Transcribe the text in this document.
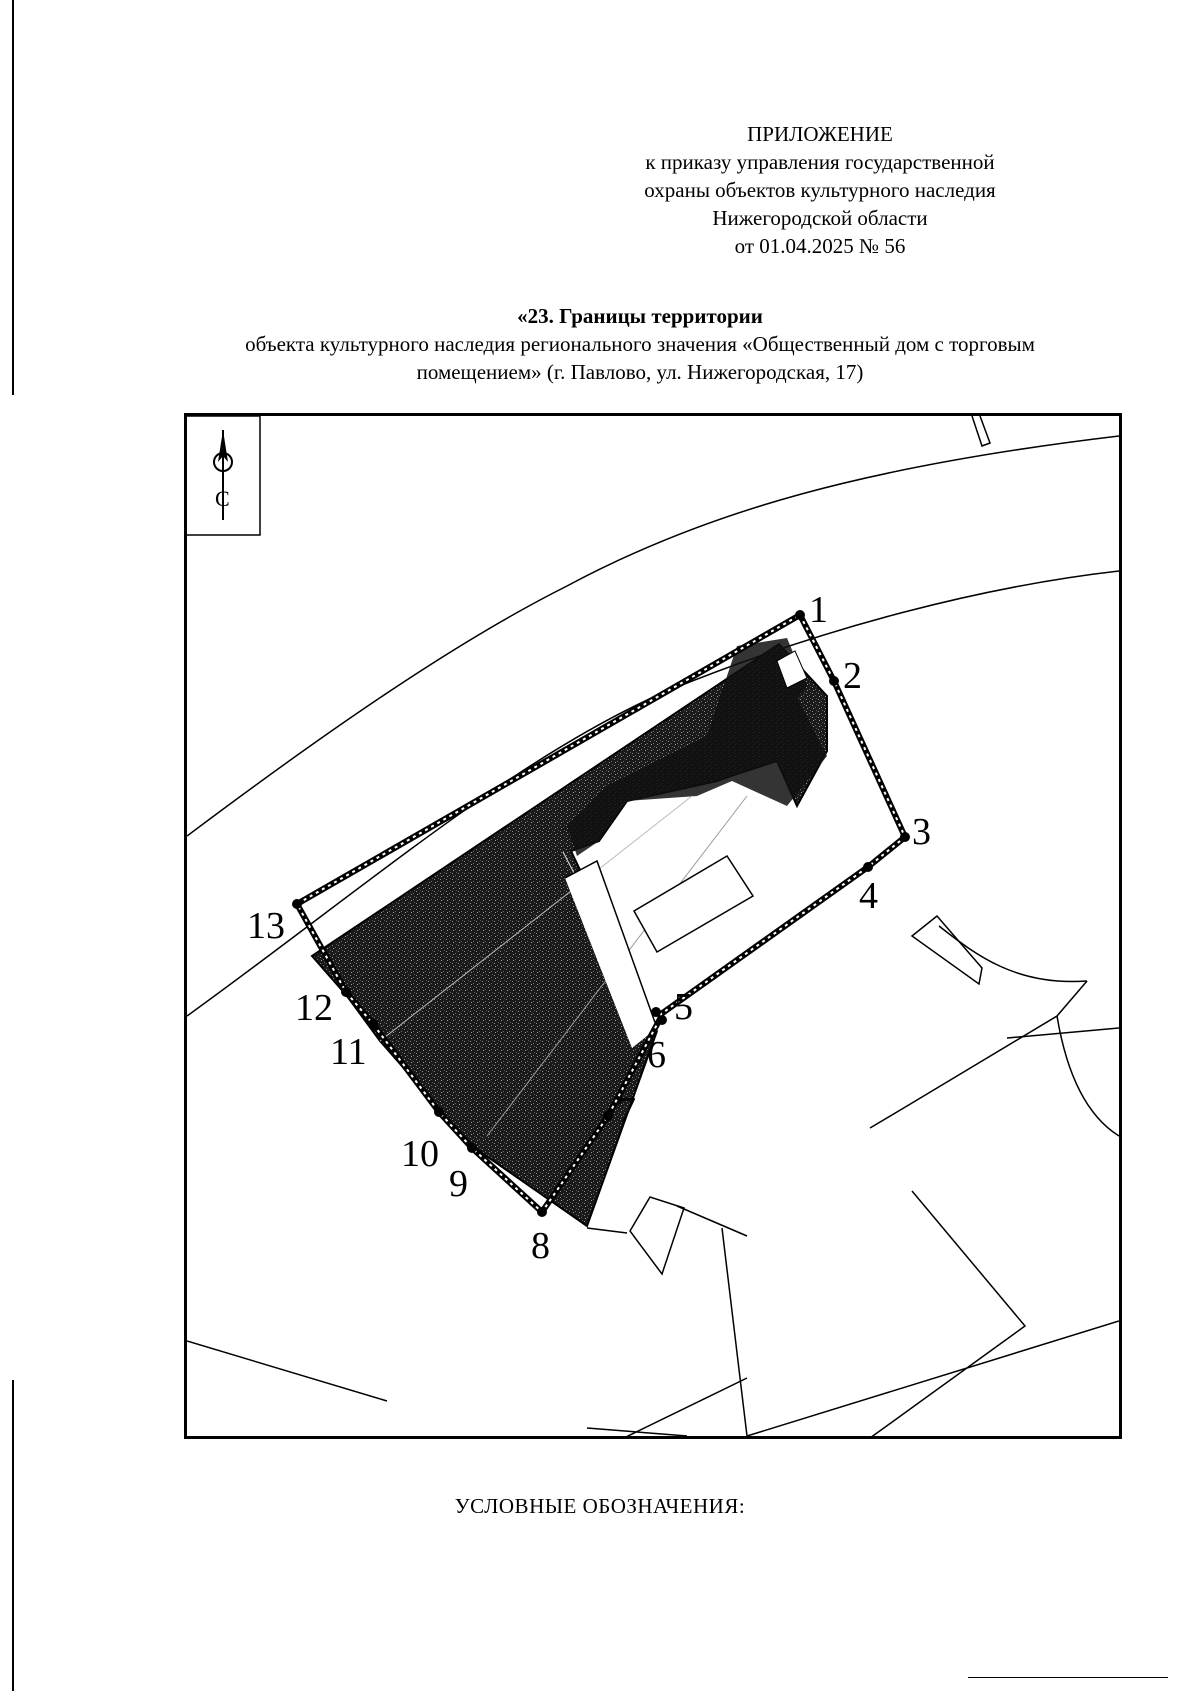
ПРИЛОЖЕНИЕ
к приказу управления государственной
охраны объектов культурного наследия
Нижегородской области
от 01.04.2025 № 56
«23. Границы территории
объекта культурного наследия регионального значения «Общественный дом с торговым
помещением» (г. Павлово, ул. Нижегородская, 17)
С
1
2
3
4
5
6
7
8
9
10
11
12
13
УСЛОВНЫЕ ОБОЗНАЧЕНИЯ:
